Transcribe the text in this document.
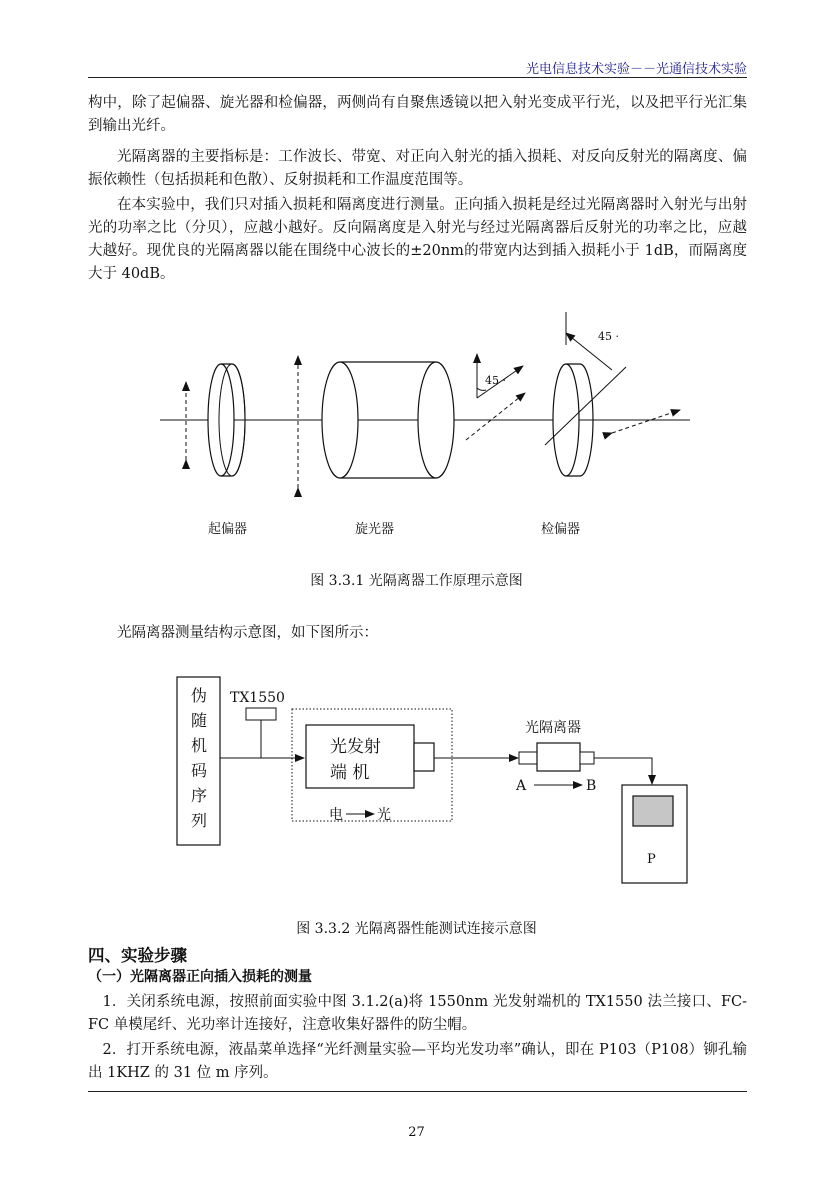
光电信息技术实验－－光通信技术实验

构中，除了起偏器、旋光器和检偏器，两侧尚有自聚焦透镜以把入射光变成平行光，以及把平行光汇集到输出光纤。

光隔离器的主要指标是：工作波长、带宽、对正向入射光的插入损耗、对反向反射光的隔离度、偏振依赖性（包括损耗和色散）、反射损耗和工作温度范围等。

在本实验中，我们只对插入损耗和隔离度进行测量。正向插入损耗是经过光隔离器时入射光与出射光的功率之比（分贝），应越小越好。反向隔离度是入射光与经过光隔离器后反射光的功率之比，应越大越好。现优良的光隔离器以能在围绕中心波长的±20nm的带宽内达到插入损耗小于 1dB，而隔离度大于 40dB。

45 ·
45 ·
起偏器	旋光器	检偏器
图 3.3.1 光隔离器工作原理示意图

光隔离器测量结构示意图，如下图所示：

伪
随
机
码
序
列
TX1550
光发射
端 机
电 光
光隔离器
A	B
P
图 3.3.2 光隔离器性能测试连接示意图
四、实验步骤
（一）光隔离器正向插入损耗的测量

1．关闭系统电源，按照前面实验中图 3.1.2(a)将 1550nm 光发射端机的 TX1550 法兰接口、FC-FC 单模尾纤、光功率计连接好，注意收集好器件的防尘帽。

2．打开系统电源，液晶菜单选择“光纤测量实验—平均光发功率”确认，即在 P103（P108）铆孔输出 1KHZ 的 31 位 m 序列。

27
